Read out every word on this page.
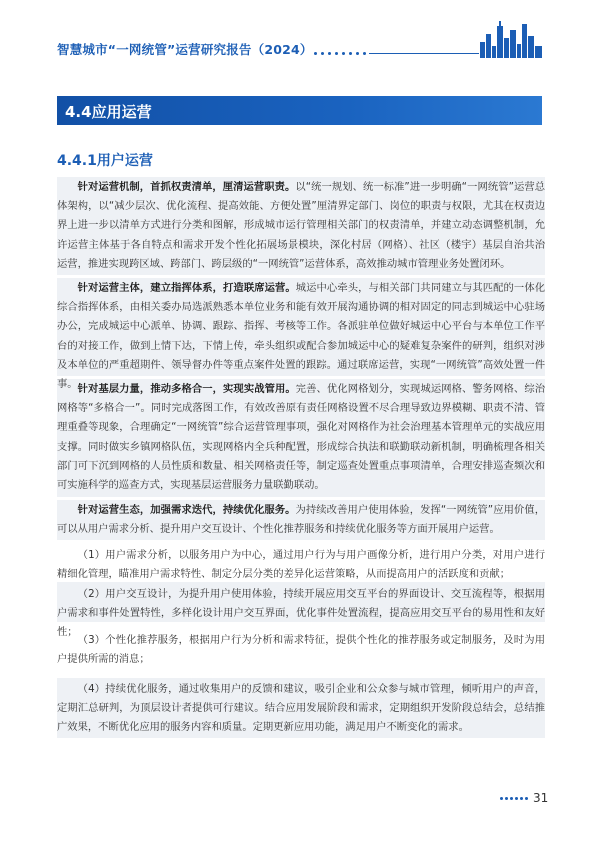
智慧城市“一网统管”运营研究报告（2024）
4.4应用运营
4.4.1用户运营

针对运营机制，首抓权责清单，厘清运营职责。以“统一规划、统一标准”进一步明确“一网统管”运营总体架构，以“减少层次、优化流程、提高效能、方便处置”厘清界定部门、岗位的职责与权限，尤其在权责边界上进一步以清单方式进行分类和图解，形成城市运行管理相关部门的权责清单，并建立动态调整机制，允许运营主体基于各自特点和需求开发个性化拓展场景模块，深化村居（网格）、社区（楼宇）基层自治共治运营，推进实现跨区域、跨部门、跨层级的“一网统管”运营体系，高效推动城市管理业务处置闭环。

针对运营主体，建立指挥体系，打造联席运营。城运中心牵头，与相关部门共同建立与其匹配的一体化综合指挥体系，由相关委办局选派熟悉本单位业务和能有效开展沟通协调的相对固定的同志到城运中心驻场办公，完成城运中心派单、协调、跟踪、指挥、考核等工作。各派驻单位做好城运中心平台与本单位工作平台的对接工作，做到上情下达，下情上传，牵头组织或配合参加城运中心的疑难复杂案件的研判，组织对涉及本单位的严重超期件、领导督办件等重点案件处置的跟踪。通过联席运营，实现“一网统管”高效处置一件事。 针对基层力量，推动多格合一，实现实战管用。完善、优化网格划分，实现城运网格、警务网格、综治网格等“多格合一”。同时完成落图工作，有效改善原有责任网格设置不尽合理导致边界模糊、职责不清、管理重叠等现象，合理确定“一网统管”综合运营管理事项，强化对网格作为社会治理基本管理单元的实战应用支撑。同时做实乡镇网格队伍，实现网格内全兵种配置，形成综合执法和联勤联动新机制，明确梳理各相关部门可下沉到网格的人员性质和数量、相关网格责任等，制定巡查处置重点事项清单，合理安排巡查频次和可实施科学的巡查方式，实现基层运营服务力量联勤联动。

针对运营生态，加强需求迭代，持续优化服务。为持续改善用户使用体验，发挥“一网统管”应用价值，可以从用户需求分析、提升用户交互设计、个性化推荐服务和持续优化服务等方面开展用户运营。

（1）用户需求分析，以服务用户为中心，通过用户行为与用户画像分析，进行用户分类，对用户进行精细化管理，瞄准用户需求特性、制定分层分类的差异化运营策略，从而提高用户的活跃度和贡献；

（2）用户交互设计，为提升用户使用体验，持续开展应用交互平台的界面设计、交互流程等，根据用户需求和事件处置特性，多样化设计用户交互界面，优化事件处置流程，提高应用交互平台的易用性和友好性；

（3）个性化推荐服务，根据用户行为分析和需求特征，提供个性化的推荐服务或定制服务，及时为用户提供所需的消息；

（4）持续优化服务，通过收集用户的反馈和建议，吸引企业和公众参与城市管理，倾听用户的声音，定期汇总研判，为顶层设计者提供可行建议。结合应用发展阶段和需求，定期组织开发阶段总结会，总结推广效果，不断优化应用的服务内容和质量。定期更新应用功能，满足用户不断变化的需求。

31
